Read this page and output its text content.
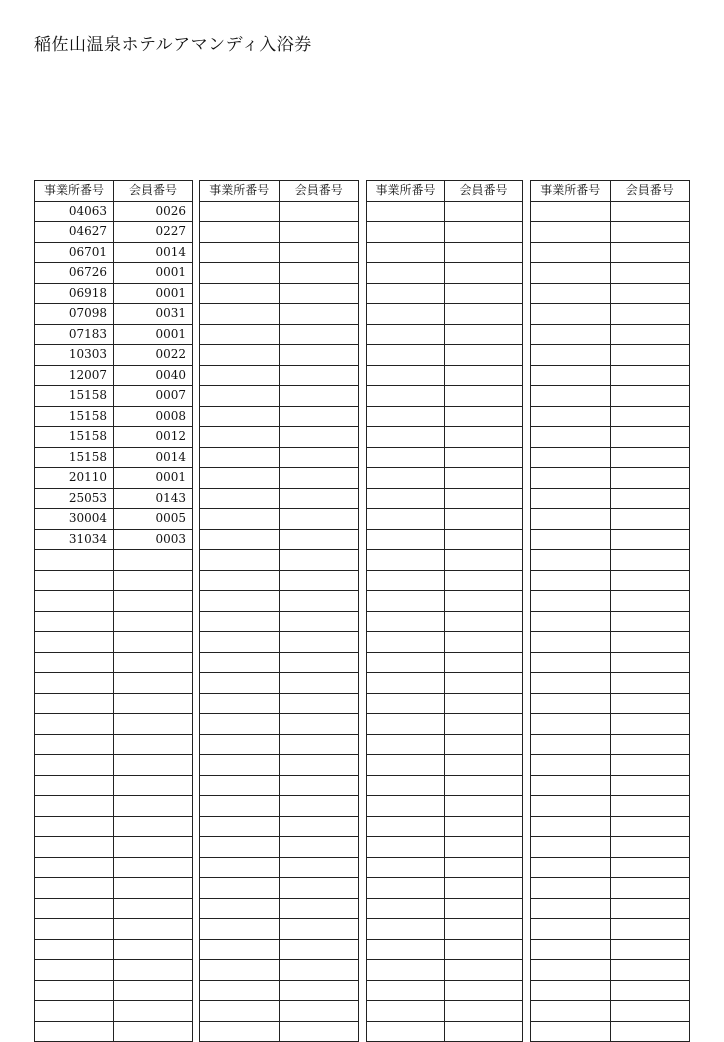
稲佐山温泉ホテルアマンディ入浴券
事業所番号	会員番号
04063	0026
04627	0227
06701	0014
06726	0001
06918	0001
07098	0031
07183	0001
10303	0022
12007	0040
15158	0007
15158	0008
15158	0012
15158	0014
20110	0001
25053	0143
30004	0005
31034	0003

事業所番号	会員番号

		事業所番号	会員番号

		事業所番号	会員番号
